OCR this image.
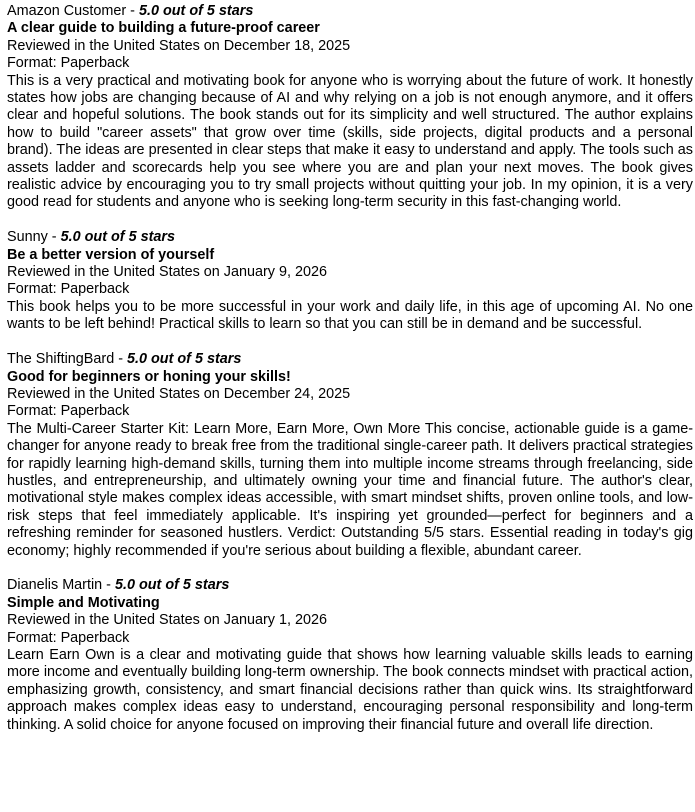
Amazon Customer - 5.0 out of 5 stars
A clear guide to building a future-proof career
Reviewed in the United States on December 18, 2025
Format: Paperback
This is a very practical and motivating book for anyone who is worrying about the future of work. It honestly states how jobs are changing because of AI and why relying on a job is not enough anymore, and it offers clear and hopeful solutions. The book stands out for its simplicity and well structured. The author explains how to build "career assets" that grow over time (skills, side projects, digital products and a personal brand). The ideas are presented in clear steps that make it easy to understand and apply. The tools such as assets ladder and scorecards help you see where you are and plan your next moves. The book gives realistic advice by encouraging you to try small projects without quitting your job. In my opinion, it is a very good read for students and anyone who is seeking long-term security in this fast-changing world.
Sunny - 5.0 out of 5 stars
Be a better version of yourself
Reviewed in the United States on January 9, 2026
Format: Paperback
This book helps you to be more successful in your work and daily life, in this age of upcoming AI. No one wants to be left behind! Practical skills to learn so that you can still be in demand and be successful.
The ShiftingBard - 5.0 out of 5 stars
Good for beginners or honing your skills!
Reviewed in the United States on December 24, 2025
Format: Paperback
The Multi-Career Starter Kit: Learn More, Earn More, Own More This concise, actionable guide is a game-changer for anyone ready to break free from the traditional single-career path. It delivers practical strategies for rapidly learning high-demand skills, turning them into multiple income streams through freelancing, side hustles, and entrepreneurship, and ultimately owning your time and financial future. The author's clear, motivational style makes complex ideas accessible, with smart mindset shifts, proven online tools, and low-risk steps that feel immediately applicable. It's inspiring yet grounded—perfect for beginners and a refreshing reminder for seasoned hustlers. Verdict: Outstanding 5/5 stars. Essential reading in today's gig economy; highly recommended if you're serious about building a flexible, abundant career.
Dianelis Martin - 5.0 out of 5 stars
Simple and Motivating
Reviewed in the United States on January 1, 2026
Format: Paperback
Learn Earn Own is a clear and motivating guide that shows how learning valuable skills leads to earning more income and eventually building long-term ownership. The book connects mindset with practical action, emphasizing growth, consistency, and smart financial decisions rather than quick wins. Its straightforward approach makes complex ideas easy to understand, encouraging personal responsibility and long-term thinking. A solid choice for anyone focused on improving their financial future and overall life direction.
